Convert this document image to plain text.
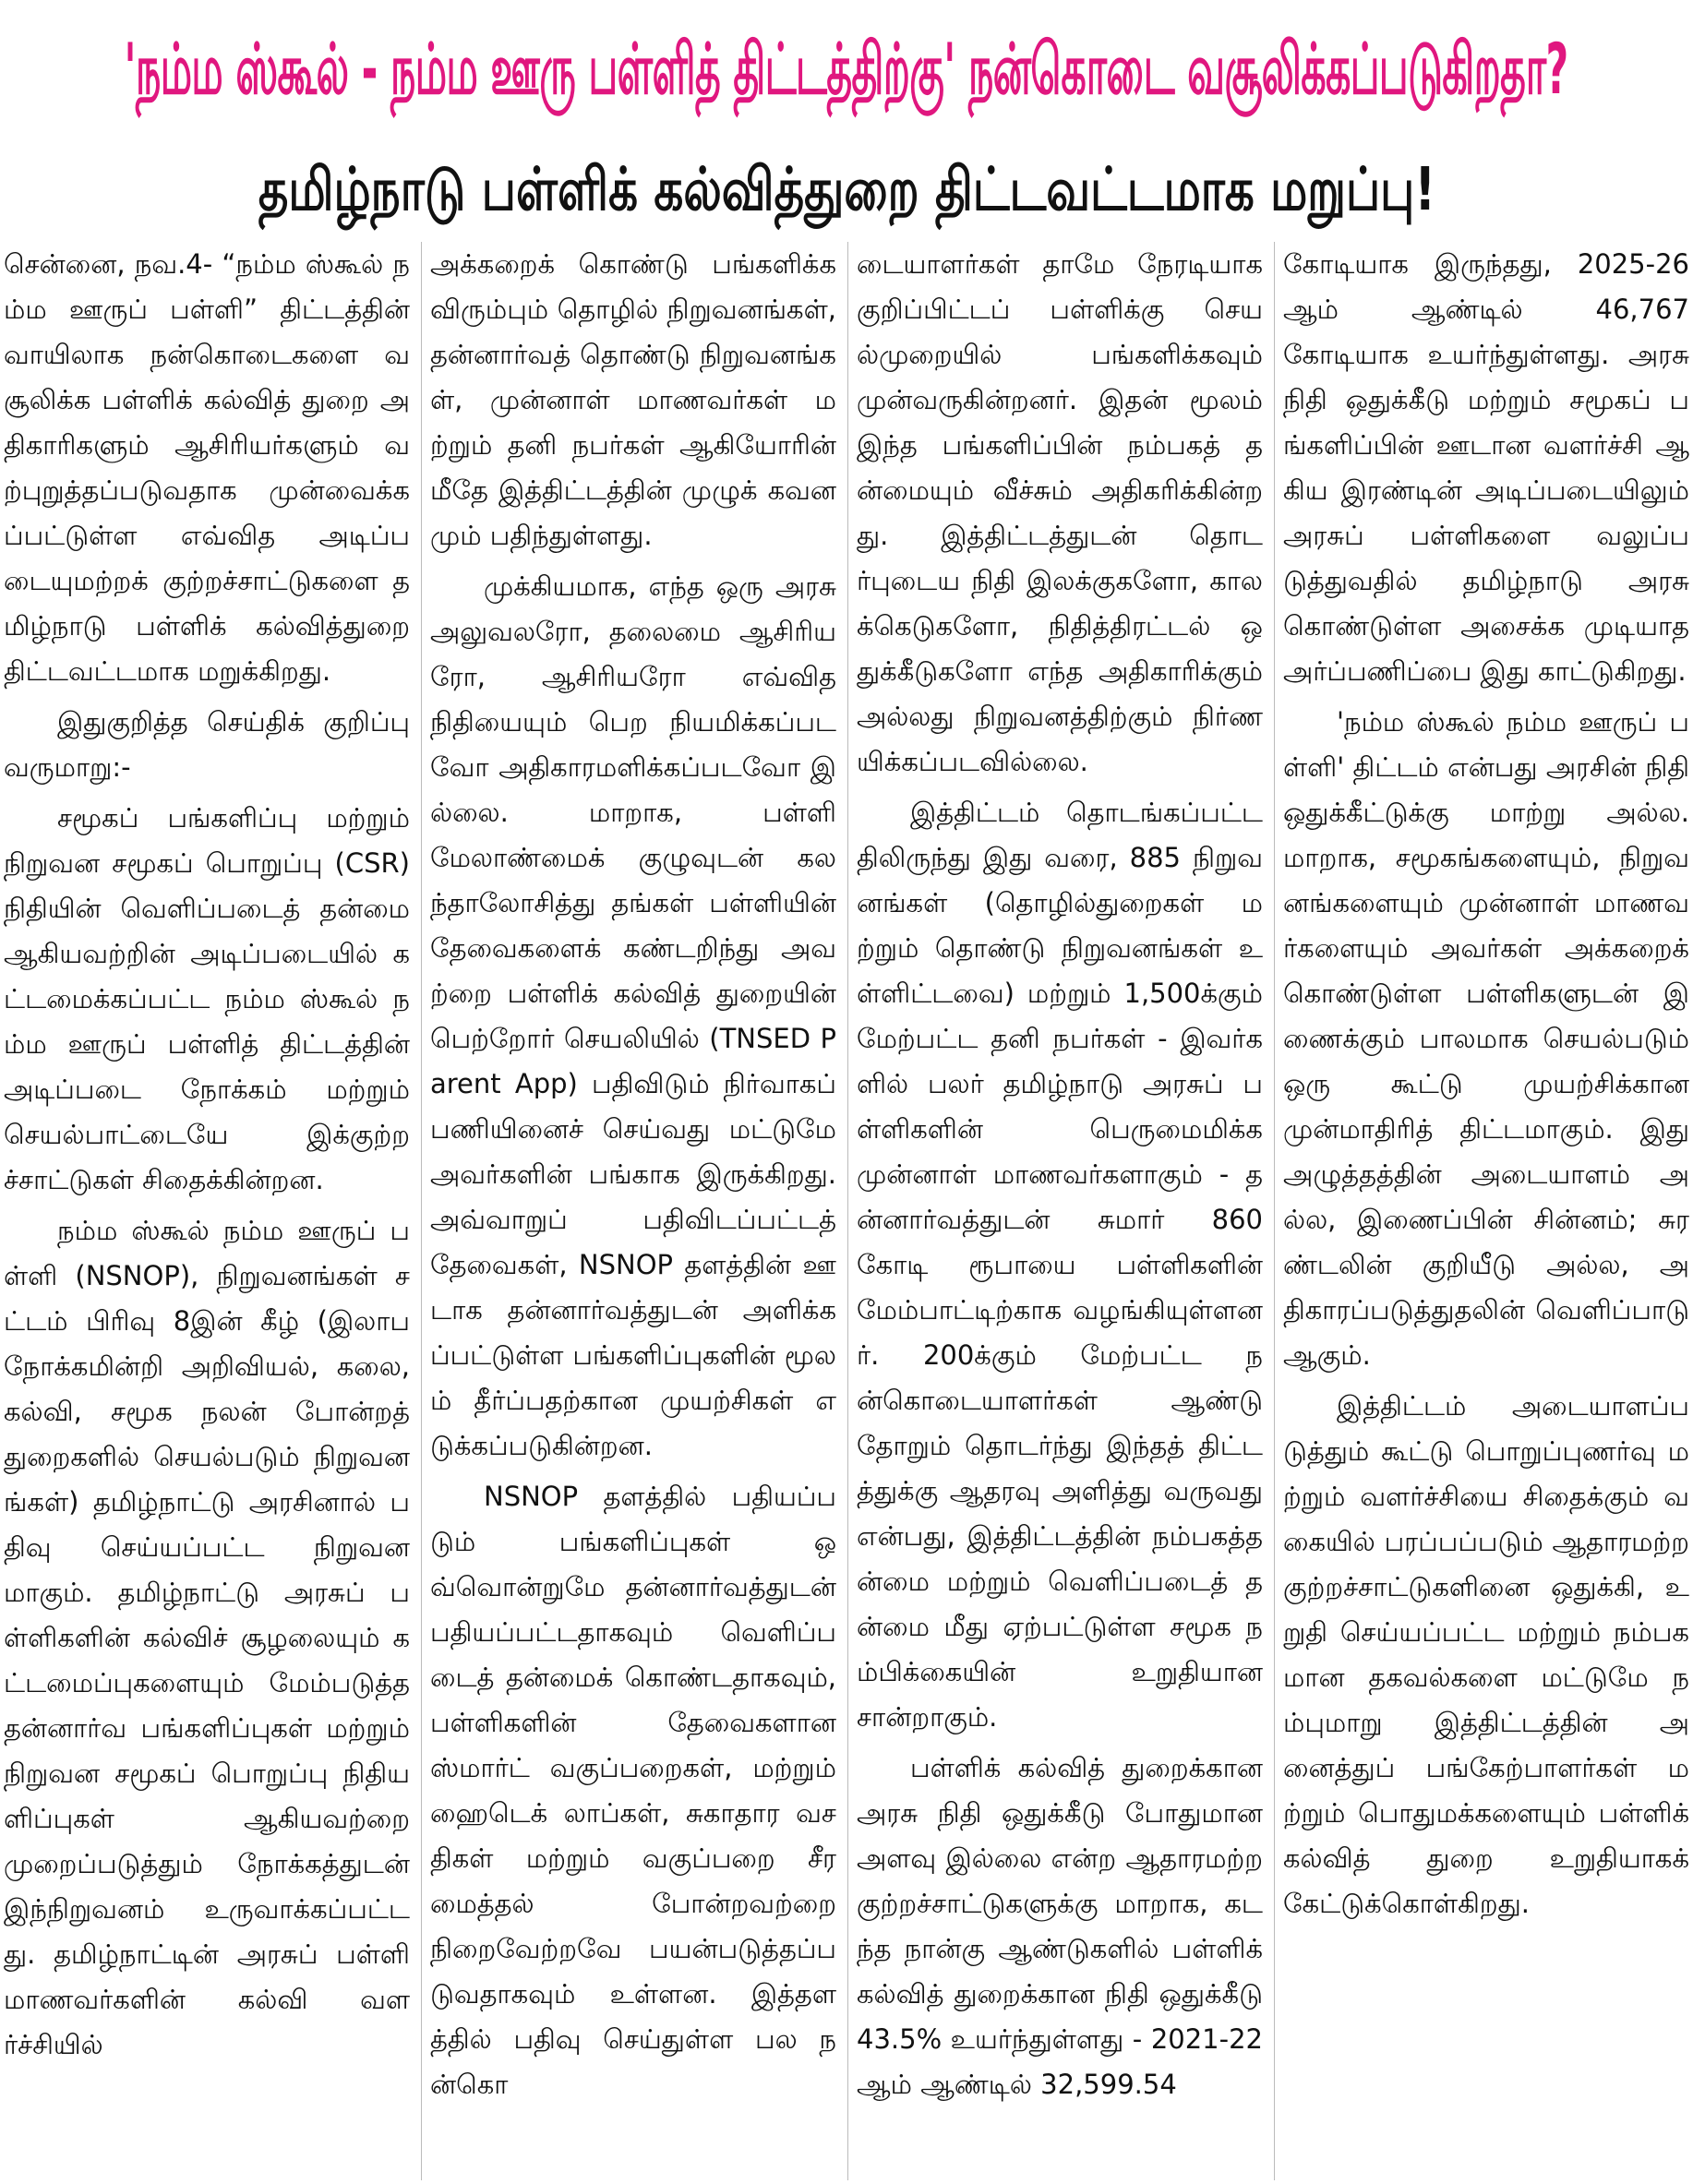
'நம்ம ஸ்கூல் - நம்ம ஊரு பள்ளித் திட்டத்திற்கு' நன்கொடை வசூலிக்கப்படுகிறதா?
தமிழ்நாடு பள்ளிக் கல்வித்துறை திட்டவட்டமாக மறுப்பு!

சென்னை, நவ.4- “நம்ம ஸ்கூல் நம்ம ஊருப் பள்ளி” திட்டத்தின் வாயிலாக நன்கொடைகளை வசூலிக்க பள்ளிக் கல்வித் துறை அதிகாரிகளும் ஆசிரியர்களும் வற்புறுத்தப்படுவதாக முன்வைக்கப்பட்டுள்ள எவ்வித அடிப்படையுமற்றக் குற்றச்சாட்டுகளை தமிழ்நாடு பள்ளிக் கல்வித்துறை திட்டவட்டமாக மறுக்கிறது.

இதுகுறித்த செய்திக் குறிப்பு வருமாறு:-

சமூகப் பங்களிப்பு மற்றும் நிறுவன சமூகப் பொறுப்பு (CSR) நிதியின் வெளிப்படைத் தன்மை ஆகியவற்றின் அடிப்படையில் கட்டமைக்கப்பட்ட நம்ம ஸ்கூல் நம்ம ஊருப் பள்ளித் திட்டத்தின் அடிப்படை நோக்கம் மற்றும் செயல்பாட்டையே இக்குற்றச்சாட்டுகள் சிதைக்கின்றன.

நம்ம ஸ்கூல் நம்ம ஊருப் பள்ளி (NSNOP), நிறுவனங்கள் சட்டம் பிரிவு 8இன் கீழ் (இலாப நோக்கமின்றி அறிவியல், கலை, கல்வி, சமூக நலன் போன்றத் துறைகளில் செயல்படும் நிறுவனங்கள்) தமிழ்நாட்டு அரசினால் பதிவு செய்யப்பட்ட நிறுவனமாகும். தமிழ்நாட்டு அரசுப் பள்ளிகளின் கல்விச் சூழலையும் கட்டமைப்புகளையும் மேம்படுத்த தன்னார்வ பங்களிப்புகள் மற்றும் நிறுவன சமூகப் பொறுப்பு நிதியளிப்புகள் ஆகியவற்றை முறைப்படுத்தும் நோக்கத்துடன் இந்நிறுவனம் உருவாக்கப்பட்டது. தமிழ்நாட்டின் அரசுப் பள்ளி மாணவர்களின் கல்வி வளர்ச்சியில்

அக்கறைக் கொண்டு பங்களிக்க விரும்பும் தொழில் நிறுவனங்கள், தன்னார்வத் தொண்டு நிறுவனங்கள், முன்னாள் மாணவர்கள் மற்றும் தனி நபர்கள் ஆகியோரின் மீதே இத்திட்டத்தின் முழுக் கவனமும் பதிந்துள்ளது.

முக்கியமாக, எந்த ஒரு அரசு அலுவலரோ, தலைமை ஆசிரியரோ, ஆசிரியரோ எவ்வித நிதியையும் பெற நியமிக்கப்படவோ அதிகாரமளிக்கப்படவோ இல்லை. மாறாக, பள்ளி மேலாண்மைக் குழுவுடன் கலந்தாலோசித்து தங்கள் பள்ளியின் தேவைகளைக் கண்டறிந்து அவற்றை பள்ளிக் கல்வித் துறையின் பெற்றோர் செயலியில் (TNSED Parent App) பதிவிடும் நிர்வாகப் பணியினைச் செய்வது மட்டுமே அவர்களின் பங்காக இருக்கிறது. அவ்வாறுப் பதிவிடப்பட்டத் தேவைகள், NSNOP தளத்தின் ஊடாக தன்னார்வத்துடன் அளிக்கப்பட்டுள்ள பங்களிப்புகளின் மூலம் தீர்ப்பதற்கான முயற்சிகள் எடுக்கப்படுகின்றன.

NSNOP தளத்தில் பதியப்படும் பங்களிப்புகள் ஒவ்வொன்றுமே தன்னார்வத்துடன் பதியப்பட்டதாகவும் வெளிப்படைத் தன்மைக் கொண்டதாகவும், பள்ளிகளின் தேவைகளான ஸ்மார்ட் வகுப்பறைகள், மற்றும் ஹைடெக் லாப்கள், சுகாதார வசதிகள் மற்றும் வகுப்பறை சீரமைத்தல் போன்றவற்றை நிறைவேற்றவே பயன்படுத்தப்படுவதாகவும் உள்ளன. இத்தளத்தில் பதிவு செய்துள்ள பல நன்கொ

டையாளர்கள் தாமே நேரடியாக குறிப்பிட்டப் பள்ளிக்கு செயல்முறையில் பங்களிக்கவும் முன்வருகின்றனர். இதன் மூலம் இந்த பங்களிப்பின் நம்பகத் தன்மையும் வீச்சும் அதிகரிக்கின்றது. இத்திட்டத்துடன் தொடர்புடைய நிதி இலக்குகளோ, காலக்கெடுகளோ, நிதித்திரட்டல் ஒதுக்கீடுகளோ எந்த அதிகாரிக்கும் அல்லது நிறுவனத்திற்கும் நிர்ணயிக்கப்படவில்லை.

இத்திட்டம் தொடங்கப்பட்டதிலிருந்து இது வரை, 885 நிறுவனங்கள் (தொழில்துறைகள் மற்றும் தொண்டு நிறுவனங்கள் உள்ளிட்டவை) மற்றும் 1,500க்கும் மேற்பட்ட தனி நபர்கள் - இவர்களில் பலர் தமிழ்நாடு அரசுப் பள்ளிகளின் பெருமைமிக்க முன்னாள் மாணவர்களாகும் - தன்னார்வத்துடன் சுமார் 860 கோடி ரூபாயை பள்ளிகளின் மேம்பாட்டிற்காக வழங்கியுள்ளனர். 200க்கும் மேற்பட்ட நன்கொடையாளர்கள் ஆண்டு தோறும் தொடர்ந்து இந்தத் திட்டத்துக்கு ஆதரவு அளித்து வருவது என்பது, இத்திட்டத்தின் நம்பகத்தன்மை மற்றும் வெளிப்படைத் தன்மை மீது ஏற்பட்டுள்ள சமூக நம்பிக்கையின் உறுதியான சான்றாகும்.

பள்ளிக் கல்வித் துறைக்கான அரசு நிதி ஒதுக்கீடு போதுமான அளவு இல்லை என்ற ஆதாரமற்ற குற்றச்சாட்டுகளுக்கு மாறாக, கடந்த நான்கு ஆண்டுகளில் பள்ளிக் கல்வித் துறைக்கான நிதி ஒதுக்கீடு 43.5% உயர்ந்துள்ளது - 2021-22 ஆம் ஆண்டில் 32,599.54

கோடியாக இருந்தது, 2025-26 ஆம் ஆண்டில் 46,767 கோடியாக உயர்ந்துள்ளது. அரசு நிதி ஒதுக்கீடு மற்றும் சமூகப் பங்களிப்பின் ஊடான வளர்ச்சி ஆகிய இரண்டின் அடிப்படையிலும் அரசுப் பள்ளிகளை வலுப்படுத்துவதில் தமிழ்நாடு அரசு கொண்டுள்ள அசைக்க முடியாத அர்ப்பணிப்பை இது காட்டுகிறது.

'நம்ம ஸ்கூல் நம்ம ஊருப் பள்ளி' திட்டம் என்பது அரசின் நிதி ஒதுக்கீட்டுக்கு மாற்று அல்ல. மாறாக, சமூகங்களையும், நிறுவனங்களையும் முன்னாள் மாணவர்களையும் அவர்கள் அக்கறைக் கொண்டுள்ள பள்ளிகளுடன் இணைக்கும் பாலமாக செயல்படும் ஒரு கூட்டு முயற்சிக்கான முன்மாதிரித் திட்டமாகும். இது அழுத்தத்தின் அடையாளம் அல்ல, இணைப்பின் சின்னம்; சுரண்டலின் குறியீடு அல்ல, அதிகாரப்படுத்துதலின் வெளிப்பாடு ஆகும்.

இத்திட்டம் அடையாளப்படுத்தும் கூட்டு பொறுப்புணர்வு மற்றும் வளர்ச்சியை சிதைக்கும் வகையில் பரப்பப்படும் ஆதாரமற்ற குற்றச்சாட்டுகளினை ஒதுக்கி, உறுதி செய்யப்பட்ட மற்றும் நம்பகமான தகவல்களை மட்டுமே நம்புமாறு இத்திட்டத்தின் அனைத்துப் பங்கேற்பாளர்கள் மற்றும் பொதுமக்களையும் பள்ளிக் கல்வித் துறை உறுதியாகக் கேட்டுக்கொள்கிறது.
